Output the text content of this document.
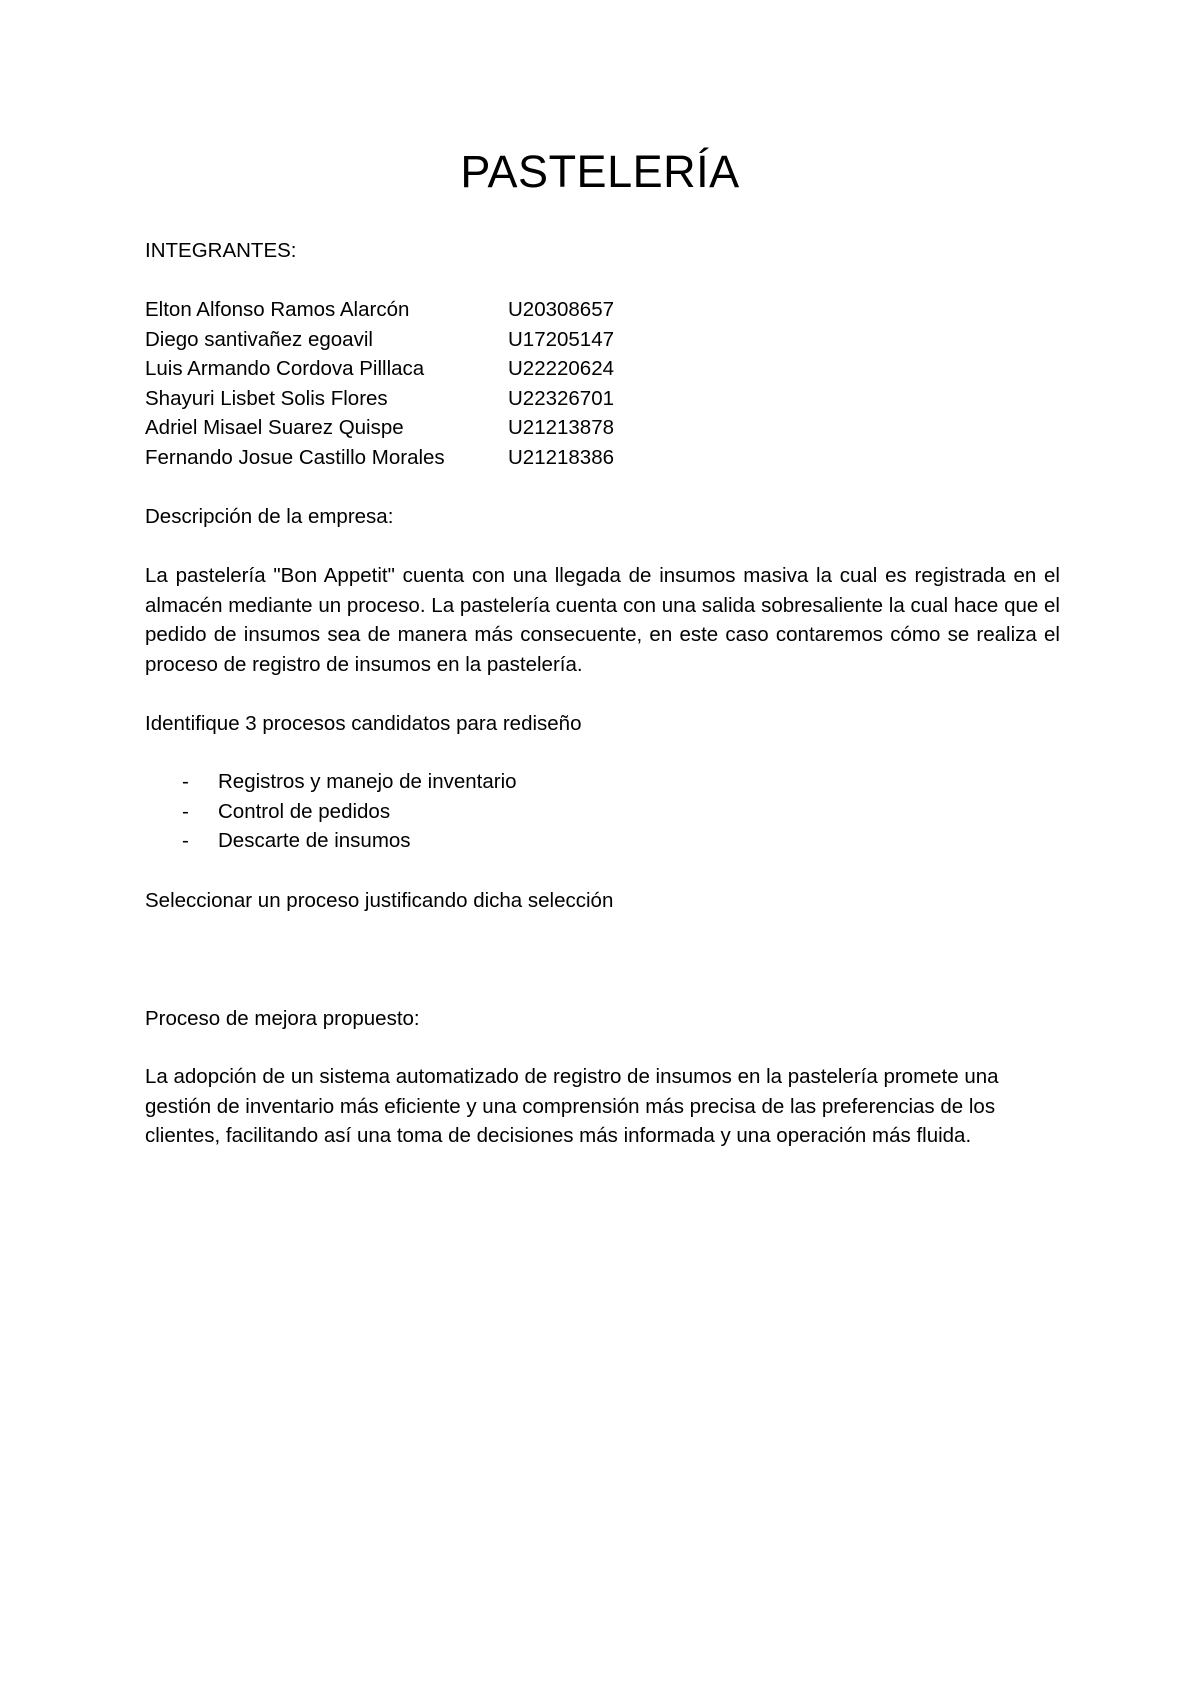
PASTELERÍA

INTEGRANTES:

Elton Alfonso Ramos Alarcón	U20308657
Diego santivañez egoavil	U17205147
Luis Armando Cordova Pilllaca	U22220624
Shayuri Lisbet Solis Flores	U22326701
Adriel Misael Suarez Quispe	U21213878
Fernando Josue Castillo Morales	U21218386

Descripción de la empresa:

La pastelería "Bon Appetit" cuenta con una llegada de insumos masiva la cual es registrada en el almacén mediante un proceso. La pastelería cuenta con una salida sobresaliente la cual hace que el pedido de insumos sea de manera más consecuente, en este caso contaremos cómo se realiza el proceso de registro de insumos en la pastelería.

Identifique 3 procesos candidatos para rediseño

-	Registros y manejo de inventario
-	Control de pedidos
-	Descarte de insumos

Seleccionar un proceso justificando dicha selección

Proceso de mejora propuesto:

La adopción de un sistema automatizado de registro de insumos en la pastelería promete una gestión de inventario más eficiente y una comprensión más precisa de las preferencias de los clientes, facilitando así una toma de decisiones más informada y una operación más fluida.
